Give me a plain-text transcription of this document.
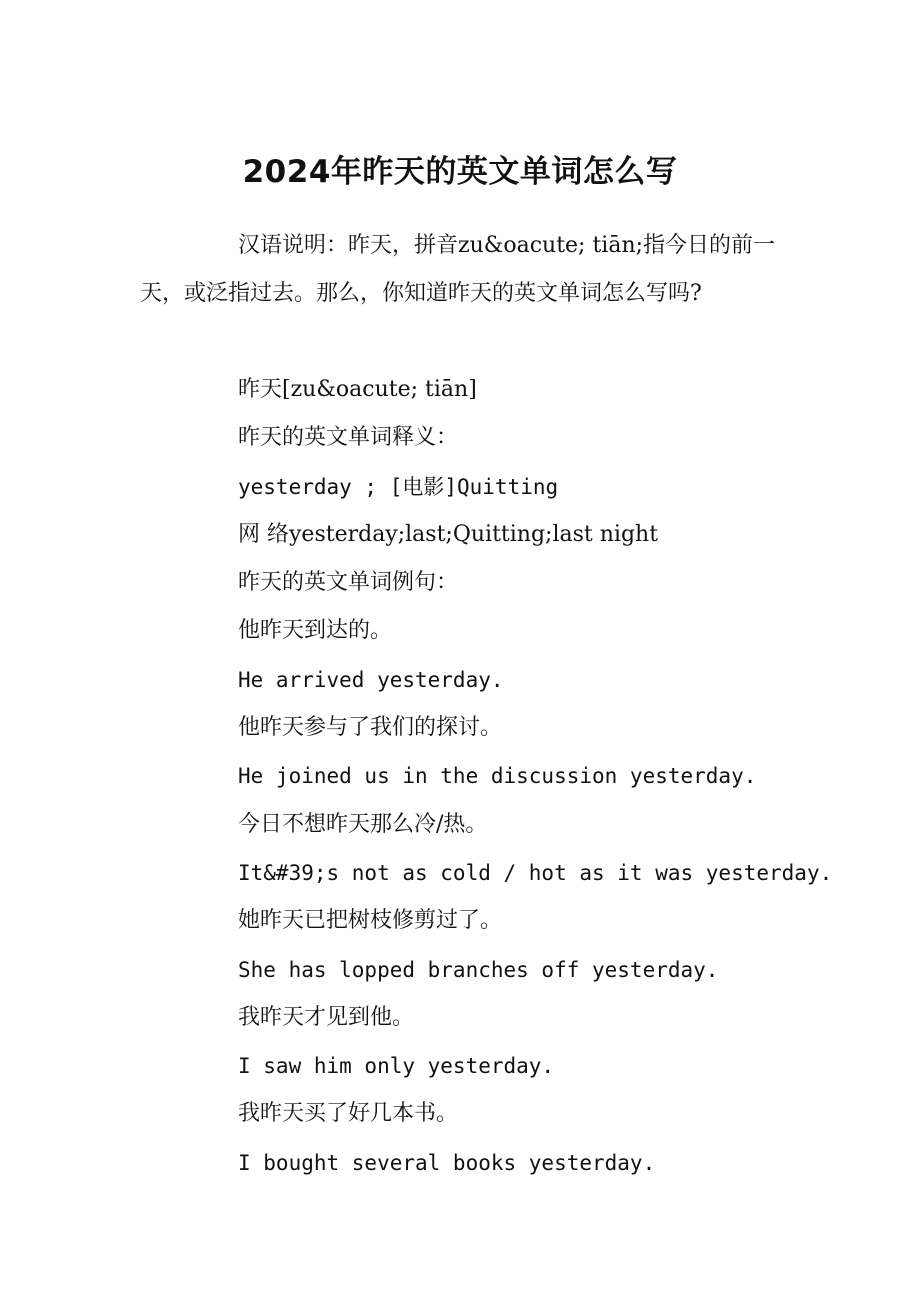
2024年昨天的英文单词怎么写

汉语说明：昨天，拼音zu&oacute; tiān;指今日的前一天，或泛指过去。那么，你知道昨天的英文单词怎么写吗?

昨天[zu&oacute; tiān]
昨天的英文单词释义：
yesterday ; [电影]Quitting
网 络yesterday;last;Quitting;last night
昨天的英文单词例句：
他昨天到达的。
He arrived yesterday.
他昨天参与了我们的探讨。
He joined us in the discussion yesterday.
今日不想昨天那么冷/热。
It&#39;s not as cold / hot as it was yesterday.
她昨天已把树枝修剪过了。
She has lopped branches off yesterday.
我昨天才见到他。
I saw him only yesterday.
我昨天买了好几本书。
I bought several books yesterday.
